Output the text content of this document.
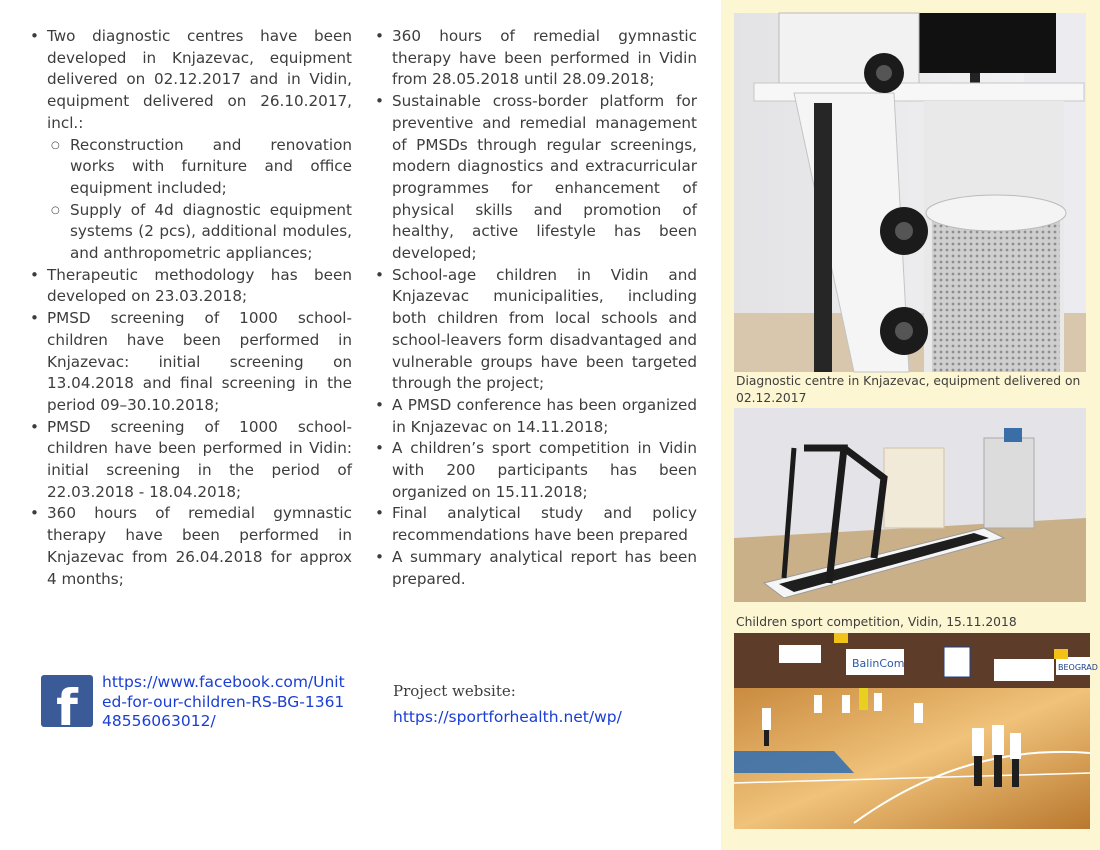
• Two diagnostic centres have been developed in Knjazevac, equipment delivered on 02.12.2017 and in Vidin, equipment delivered on 26.10.2017, incl.:
○ Reconstruction and renovation works with furniture and office equipment included;
○ Supply of 4d diagnostic equipment systems (2 pcs), additional modules, and anthropometric appliances;
• Therapeutic methodology has been developed on 23.03.2018;
• PMSD screening of 1000 school-children have been performed in Knjazevac: initial screening on 13.04.2018 and final screening in the period 09–30.10.2018;
• PMSD screening of 1000 school-children have been performed in Vidin: initial screening in the period of 22.03.2018 - 18.04.2018;
• 360 hours of remedial gymnastic therapy have been performed in Knjazevac from 26.04.2018 for approx 4 months;
• 360 hours of remedial gymnastic therapy have been performed in Vidin from 28.05.2018 until 28.09.2018;
• Sustainable cross-border platform for preventive and remedial management of PMSDs through regular screenings, modern diagnostics and extracurricular programmes for enhancement of physical skills and promotion of healthy, active lifestyle has been developed;
• School-age children in Vidin and Knjazevac municipalities, including both children from local schools and school-leavers form disadvantaged and vulnerable groups have been targeted through the project;
• A PMSD conference has been organized in Knjazevac on 14.11.2018;
• A children’s sport competition in Vidin with 200 participants has been organized on 15.11.2018;
• Final analytical study and policy recommendations have been prepared
• A summary analytical report has been prepared.
f	https://www.facebook.com/United-for-our-children-RS-BG-136148556063012/
Project website:
https://sportforhealth.net/wp/
Diagnostic centre in Knjazevac, equipment delivered on 02.12.2017
Children sport competition, Vidin, 15.11.2018
BalinCom	BEOGRAD
